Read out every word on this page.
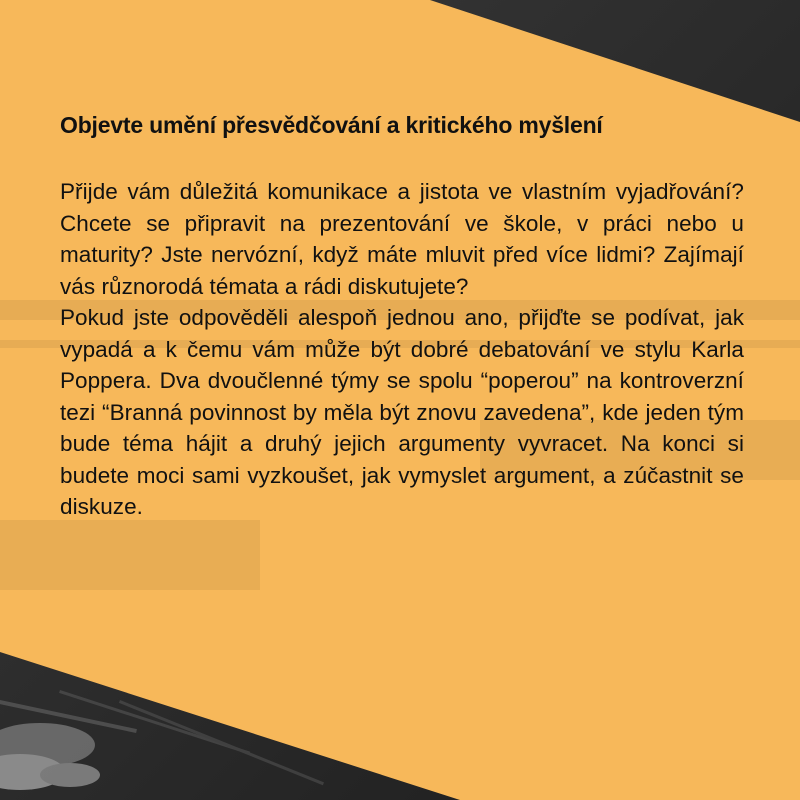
Objevte umění přesvědčování a kritického myšlení

Přijde vám důležitá komunikace a jistota ve vlastním vyjadřování? Chcete se připravit na prezentování ve škole, v práci nebo u maturity? Jste nervózní, když máte mluvit před více lidmi? Zajímají vás různorodá témata a rádi diskutujete?

Pokud jste odpověděli alespoň jednou ano, přijďte se podívat, jak vypadá a k čemu vám může být dobré debatování ve stylu Karla Poppera. Dva dvoučlenné týmy se spolu “poperou” na kontroverzní tezi “Branná povinnost by měla být znovu zavedena”, kde jeden tým bude téma hájit a druhý jejich argumenty vyvracet. Na konci si budete moci sami vyzkoušet, jak vymyslet argument, a zúčastnit se diskuze.
